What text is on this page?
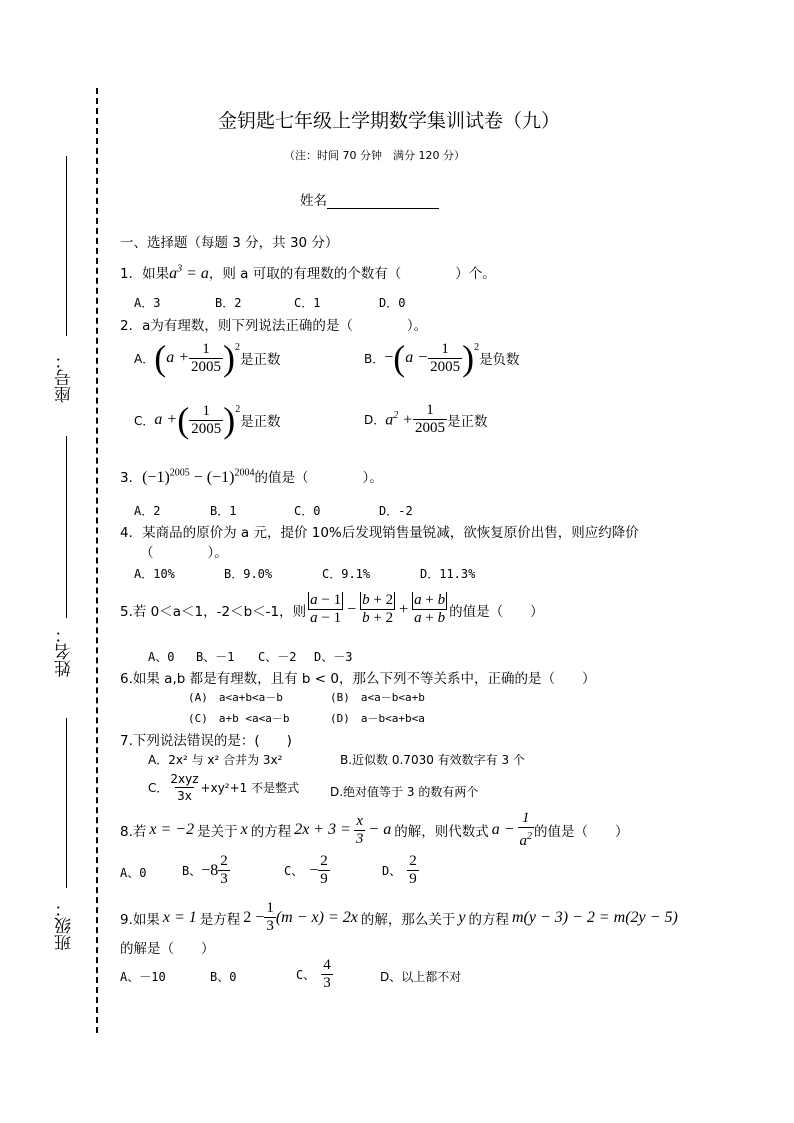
座号：
姓名：
班级：
金钥匙七年级上学期数学集训试卷（九）
（注：时间 70 分钟　满分 120 分）
姓名
一、选择题（每题 3 分，共 30 分）
1．如果$a^3 = a$，则 a 可取的有理数的个数有（　　　　）个。
A．3	B．2	C．1	D．0
2．a为有理数，则下列说法正确的是（　　　　）。
A． ( $a + \frac{1}{2005}$ ) 2
是正数	B． − ( $a - \frac{1}{2005}$ ) 2
是负数
C． a + ( $\frac{1}{2005}$ ) 2
是正数	D． $a^2 + \frac{1}{2005}$ 是正数
3．$(-1)^{2005} - (-1)^{2004}$的值是（　　　　）。
A．2	B．1	C．0	D．-2
4．某商品的原价为 a 元，提价 10%后发现销售量锐减，欲恢复原价出售，则应约降价
（　　　　）。
A．10%	B．9.0%	C．9.1%	D．11.3%
5.若 0＜a＜1，-2＜b＜-1，则 $\frac{a - 1}{a - 1} - \frac{b + 2}{b + 2} + \frac{a + b}{a + b}$ 的值是（　　）
A、0 B、－1 C、－2 D、－3
6.如果 a,b 都是有理数，且有 b < 0，那么下列不等关系中，正确的是（　　）
(A)　a<a+b<a－b	(B)　a<a－b<a+b
(C)　a+b <a<a－b	(D)　a－b<a+b<a
7.下列说法错误的是：(　　)
A．2x² 与 x² 合并为 3x²	B.近似数 0.7030 有效数字有 3 个
C． $\frac{\text{2xyz}}{3x} +xy^2+1$ 不是整式	D.绝对值等于 3 的数有两个
8.若 x = −2 是关于 x 的方程 $2x + 3 = \frac{x}{3} - a$ 的解，则代数式 $a - \frac{1}{a^2}$ 的值是（　　）
A、0	B、 $-8 \frac{2}{3}$	C、 − $\frac{2}{9}$	D、 $\frac{2}{9}$
9.如果 x = 1 是方程 $2 - \frac{1}{3} (m - x) = 2x$ 的解，那么关于 y 的方程 m(y − 3) − 2 = m(2y − 5)
的解是（　　）
A、－10	B、0	C、 $\frac{4}{3}$	D、以上都不对
